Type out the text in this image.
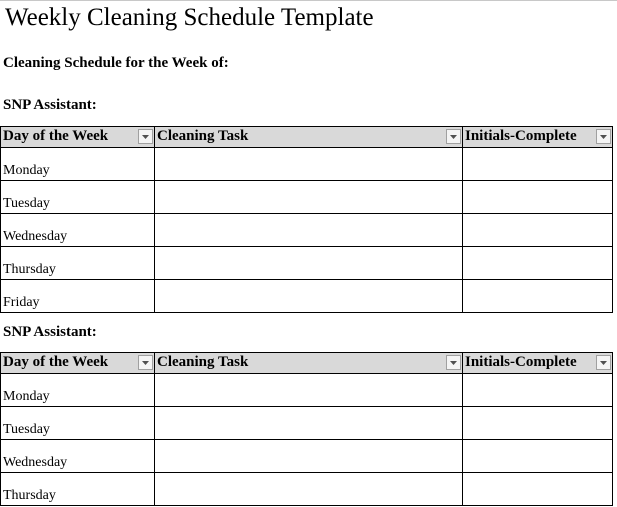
Weekly Cleaning Schedule Template
Cleaning Schedule for the Week of:
SNP Assistant:
Day of the Week	Cleaning Task	Initials-Complete

Monday		

Tuesday		

Wednesday		

Thursday		

Friday		

SNP Assistant:
Day of the Week	Cleaning Task	Initials-Complete

Monday		

Tuesday		

Wednesday		

Thursday		
